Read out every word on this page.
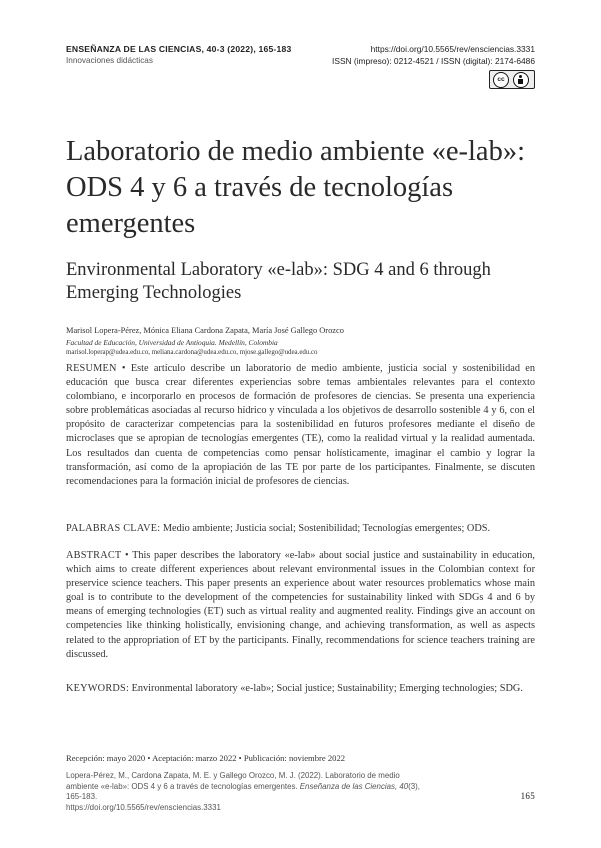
ENSEÑANZA DE LAS CIENCIAS, 40-3 (2022), 165-183
Innovaciones didácticas
https://doi.org/10.5565/rev/ensciencias.3331
ISSN (impreso): 0212-4521 / ISSN (digital): 2174-6486
cc
Laboratorio de medio ambiente «e-lab»: ODS 4 y 6 a través de tecnologías emergentes
Environmental Laboratory «e-lab»: SDG 4 and 6 through Emerging Technologies
Marisol Lopera-Pérez, Mónica Eliana Cardona Zapata, María José Gallego Orozco
Facultad de Educación, Universidad de Antioquia. Medellín, Colombia
marisol.loperap@udea.edu.co, meliana.cardona@udea.edu.co, mjose.gallego@udea.edu.co

RESUMEN • Este artículo describe un laboratorio de medio ambiente, justicia social y sostenibilidad en educación que busca crear diferentes experiencias sobre temas ambientales relevantes para el contexto colombiano, e incorporarlo en procesos de formación de profesores de ciencias. Se presenta una experiencia sobre problemáticas asociadas al recurso hídrico y vinculada a los objetivos de desarrollo sostenible 4 y 6, con el propósito de caracterizar competencias para la sostenibilidad en futuros profesores mediante el diseño de microclases que se apropian de tecnologías emergentes (TE), como la realidad virtual y la realidad aumentada. Los resultados dan cuenta de competencias como pensar holísticamente, imaginar el cambio y lograr la transformación, así como de la apropiación de las TE por parte de los participantes. Finalmente, se discuten recomendaciones para la formación inicial de profesores de ciencias.

PALABRAS CLAVE: Medio ambiente; Justicia social; Sostenibilidad; Tecnologías emergentes; ODS.

ABSTRACT • This paper describes the laboratory «e-lab» about social justice and sustainability in education, which aims to create different experiences about relevant environmental issues in the Colombian context for preservice science teachers. This paper presents an experience about water resources problematics whose main goal is to contribute to the development of the competencies for sustainability linked with SDGs 4 and 6 by means of emerging technologies (ET) such as virtual reality and augmented reality. Findings give an account on competencies like thinking holistically, envisioning change, and achieving transformation, as well as aspects related to the appropriation of ET by the participants. Finally, recommendations for science teachers training are discussed.

KEYWORDS: Environmental laboratory «e-lab»; Social justice; Sustainability; Emerging technologies; SDG.

Recepción: mayo 2020 • Aceptación: marzo 2022 • Publicación: noviembre 2022
Lopera-Pérez, M., Cardona Zapata, M. E. y Gallego Orozco, M. J. (2022). Laboratorio de medio ambiente «e-lab»: ODS 4 y 6 a través de tecnologías emergentes. Enseñanza de las Ciencias, 40(3), 165-183.
https://doi.org/10.5565/rev/ensciencias.3331
165
